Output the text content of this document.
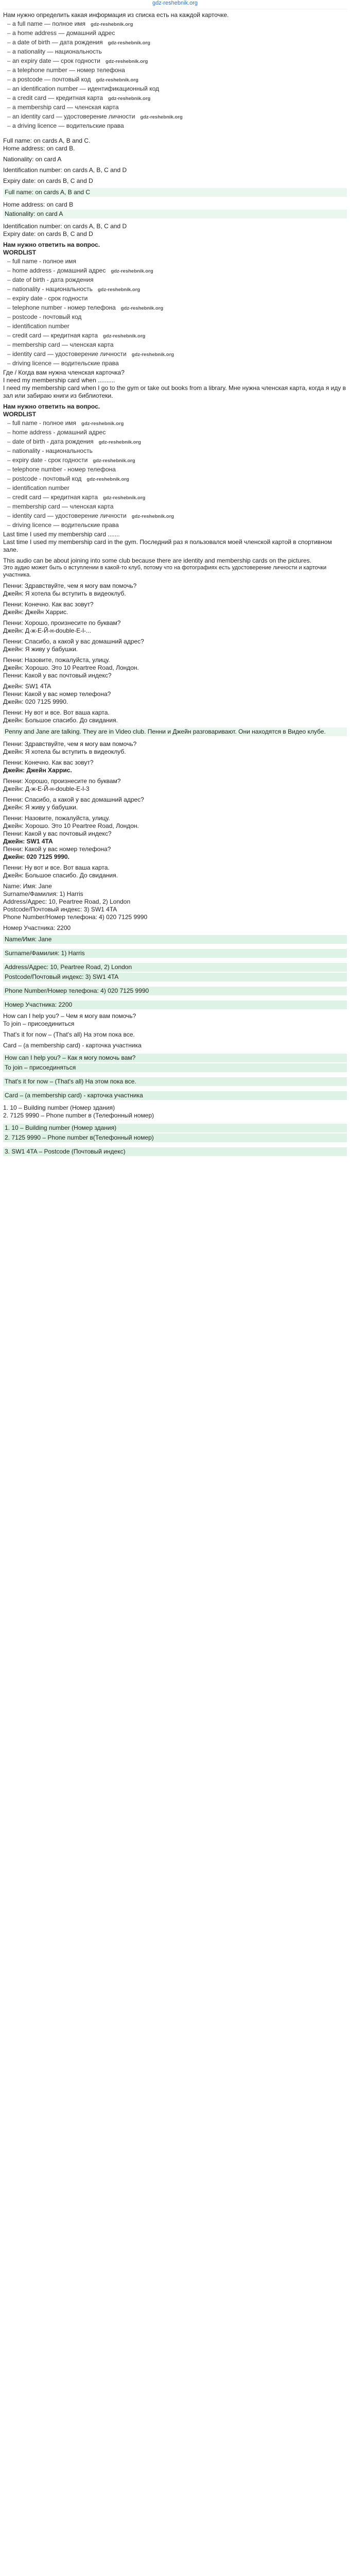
gdz-reshebnik.org

Нам нужно определить какая информация из списка есть на каждой карточке.

– a full name — полное имя gdz-reshebnik.org
– a home address — домашний адрес
– a date of birth — дата рождения gdz-reshebnik.org
– a nationality — национальность
– an expiry date — срок годности gdz-reshebnik.org
– a telephone number — номер телефона
– a postcode — почтовый код gdz-reshebnik.org
– an identification number — идентификационный код
– a credit card — кредитная карта gdz-reshebnik.org
– a membership card — членская карта
– an identity card — удостоверение личности gdz-reshebnik.org
– a driving licence — водительские права

Full name: on cards A, B and C.

Home address: on card B.

Nationality: on card A

Identification number: on cards A, B, C and D

Expiry date: on cards B, C and D

Full name: on cards A, B and C

Home address: on card B

Nationality: on card A

Identification number: on cards A, B, C and D

Expiry date: on cards B, C and D

Нам нужно ответить на вопрос.

WORDLIST

– full name - полное имя
– home address - домашний адрес gdz-reshebnik.org
– date of birth - дата рождения
– nationality - национальность gdz-reshebnik.org
– expiry date - срок годности
– telephone number - номер телефона gdz-reshebnik.org
– postcode - почтовый код
– identification number
– credit card — кредитная карта gdz-reshebnik.org
– membership card — членская карта
– identity card — удостоверение личности gdz-reshebnik.org
– driving licence — водительские права

Где / Когда вам нужна членская карточка?

I need my membership card when ..........

I need my membership card when I go to the gym or take out books from a library. Мне нужна членская карта, когда я иду в зал или забираю книги из библиотеки.

Нам нужно ответить на вопрос.

WORDLIST

– full name - полное имя gdz-reshebnik.org
– home address - домашний адрес
– date of birth - дата рождения gdz-reshebnik.org
– nationality - национальность
– expiry date - срок годности gdz-reshebnik.org
– telephone number - номер телефона
– postcode - почтовый код gdz-reshebnik.org
– identification number
– credit card — кредитная карта gdz-reshebnik.org
– membership card — членская карта
– identity card — удостоверение личности gdz-reshebnik.org
– driving licence — водительские права

Last time I used my membership card .......

Last time I used my membership card in the gym. Последний раз я пользовался моей членской картой в спортивном зале.

This audio can be about joining into some club because there are identity and membership cards on the pictures.

Это аудио может быть о вступлении в какой-то клуб, потому что на фотографиях есть удостоверение личности и карточки участника.

Пенни: Здравствуйте, чем я могу вам помочь?

Джейн: Я хотела бы вступить в видеоклуб.

Пенни: Конечно. Как вас зовут?

Джейн: Джейн Харрис.

Пенни: Хорошо, произнесите по буквам?

Джейн: Д-ж-Е-Й-н-double-Е-l-...

Пенни: Спасибо, а какой у вас домашний адрес?

Джейн: Я живу у бабушки.

Пенни: Назовите, пожалуйста, улицу.

Джейн: Хорошо. Это 10 Peartree Road, Лондон.

Пенни: Какой у вас почтовый индекс?

Джейн: SW1 4TA

Пенни: Какой у вас номер телефона?

Джейн: 020 7125 9990.

Пенни: Ну вот и все. Вот ваша карта.

Джейн: Большое спасибо. До свидания.

Penny and Jane are talking. They are in Video club. Пенни и Джейн разговаривают. Они находятся в Видео клубе.

Пенни: Здравствуйте, чем я могу вам помочь?

Джейн: Я хотела бы вступить в видеоклуб.

Пенни: Конечно. Как вас зовут?

Джейн: Джейн Харрис.

Пенни: Хорошо, произнесите по буквам?

Джейн: Д-ж-Е-Й-н-double-Е-l-3

Пенни: Спасибо, а какой у вас домашний адрес?

Джейн: Я живу у бабушки.

Пенни: Назовите, пожалуйста, улицу.

Джейн: Хорошо. Это 10 Peartree Road, Лондон.

Пенни: Какой у вас почтовый индекс?

Джейн: SW1 4TA

Пенни: Какой у вас номер телефона?

Джейн: 020 7125 9990.

Пенни: Ну вот и все. Вот ваша карта.

Джейн: Большое спасибо. До свидания.

Name: Имя: Jane

Surname/Фамилия: 1) Harris

Address/Адрес: 10, Peartree Road, 2) London

Postcode/Почтовый индекс: 3) SW1 4TA

Phone Number/Номер телефона: 4) 020 7125 9990

Номер Участника: 2200

Name/Имя: Jane
Surname/Фамилия: 1) Harris
Address/Адрес: 10, Peartree Road, 2) London
Postcode/Почтовый индекс: 3) SW1 4TA
Phone Number/Номер телефона: 4) 020 7125 9990
Номер Участника: 2200

How can I help you? – Чем я могу вам помочь?

To join – присоединиться

That's it for now – (That's all) На этом пока все.

Card – (a membership card) - карточка участника

How can I help you? – Как я могу помочь вам?
To join – присоединяться
That's it for now – (That's all) На этом пока все.
Card – (a membership card) - карточка участника

1. 10 – Building number (Номер здания)

2. 7125 9990 – Phone number в (Телефонный номер)

1. 10 – Building number (Номер здания)
2. 7125 9990 – Phone number в(Телефонный номер)
3. SW1 4TA – Postcode (Почтовый индекс)
